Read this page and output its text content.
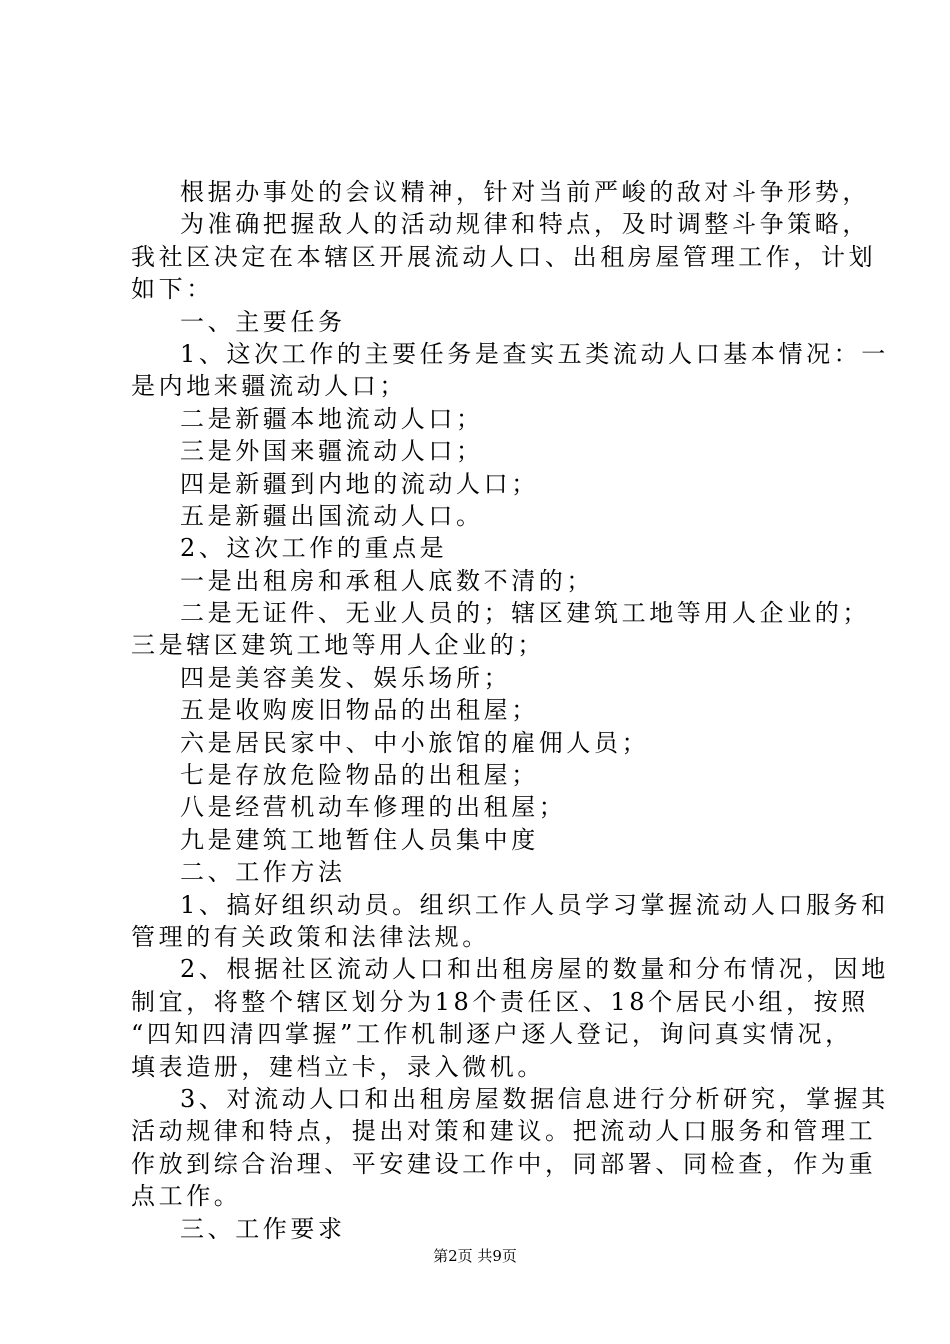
根据办事处的会议精神，针对当前严峻的敌对斗争形势，
为准确把握敌人的活动规律和特点，及时调整斗争策略，
我社区决定在本辖区开展流动人口、出租房屋管理工作，计划
如下：
一、主要任务
1、这次工作的主要任务是查实五类流动人口基本情况：一
是内地来疆流动人口；
二是新疆本地流动人口；
三是外国来疆流动人口；
四是新疆到内地的流动人口；
五是新疆出国流动人口。
2、这次工作的重点是
一是出租房和承租人底数不清的；
二是无证件、无业人员的；辖区建筑工地等用人企业的；
三是辖区建筑工地等用人企业的；
四是美容美发、娱乐场所；
五是收购废旧物品的出租屋；
六是居民家中、中小旅馆的雇佣人员；
七是存放危险物品的出租屋；
八是经营机动车修理的出租屋；
九是建筑工地暂住人员集中度
二、工作方法
1、搞好组织动员。组织工作人员学习掌握流动人口服务和
管理的有关政策和法律法规。
2、根据社区流动人口和出租房屋的数量和分布情况，因地
制宜，将整个辖区划分为18个责任区、18个居民小组，按照
“四知四清四掌握”工作机制逐户逐人登记，询问真实情况，
填表造册，建档立卡，录入微机。
3、对流动人口和出租房屋数据信息进行分析研究，掌握其
活动规律和特点，提出对策和建议。把流动人口服务和管理工
作放到综合治理、平安建设工作中，同部署、同检查，作为重
点工作。
三、工作要求
第2页 共9页
